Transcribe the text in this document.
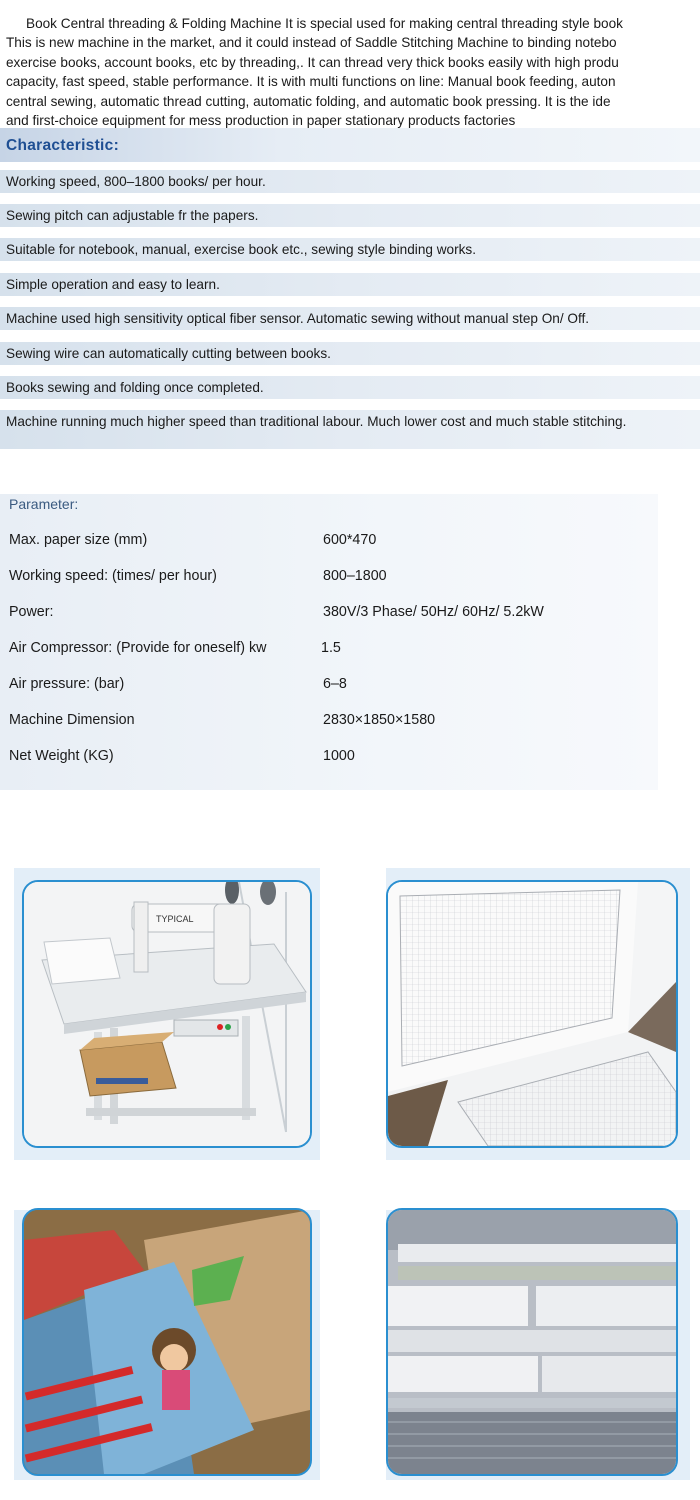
Book Central threading & Folding Machine It is special used for making central threading style book
This is new machine in the market, and it could instead of Saddle Stitching Machine to binding notebo
exercise books, account books, etc by threading,. It can thread very thick books easily with high produ
capacity, fast speed, stable performance. It is with multi functions on line: Manual book feeding, auton
central sewing, automatic thread cutting, automatic folding, and automatic book pressing. It is the ide
and first-choice equipment for mess production in paper stationary products factories
Characteristic:
Working speed, 800–1800 books/ per hour.
Sewing pitch can adjustable fr the papers.
Suitable for notebook, manual, exercise book etc., sewing style binding works.
Simple operation and easy to learn.
Machine used high sensitivity optical fiber sensor. Automatic sewing without manual step On/ Off.
Sewing wire can automatically cutting between books.
Books sewing and folding once completed.
Machine running much higher speed than traditional labour. Much lower cost and much stable stitching.
Parameter:
Max. paper size (mm)	600*470
Working speed: (times/ per hour)	800–1800
Power:	380V/3 Phase/ 50Hz/ 60Hz/ 5.2kW
Air Compressor: (Provide for oneself) kw	1.5
Air pressure: (bar)	6–8
Machine Dimension	2830×1850×1580
Net Weight (KG)	1000
TYPICAL
